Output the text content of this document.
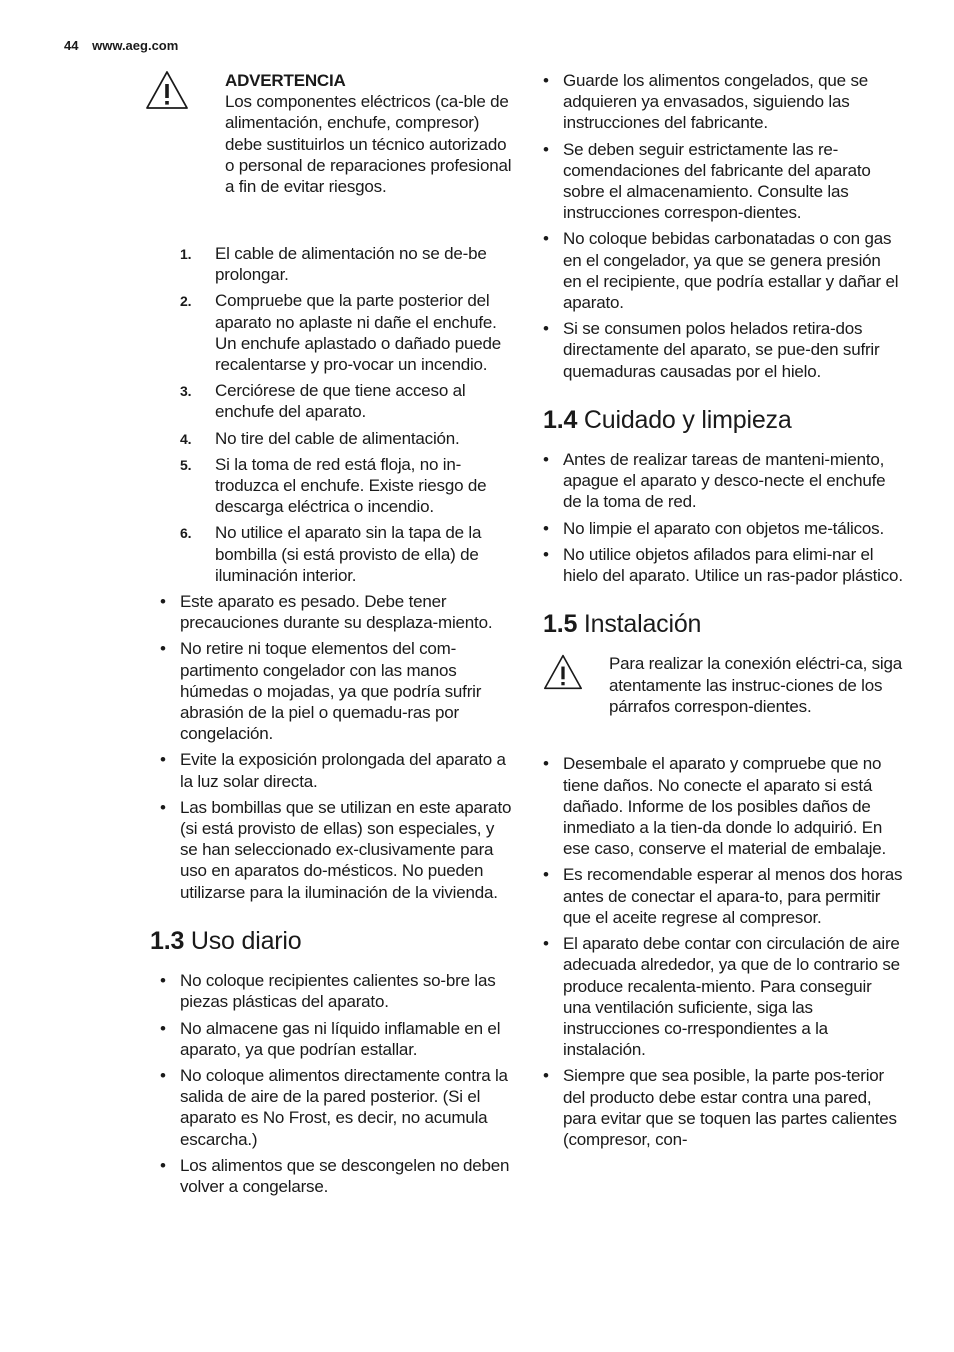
44 www.aeg.com
ADVERTENCIA
Los componentes eléctricos (ca-ble de alimentación, enchufe, compresor) debe sustituirlos un técnico autorizado o personal de reparaciones profesional a fin de evitar riesgos.
1. El cable de alimentación no se de-be prolongar.
2. Compruebe que la parte posterior del aparato no aplaste ni dañe el enchufe. Un enchufe aplastado o dañado puede recalentarse y pro-vocar un incendio.
3. Cerciórese de que tiene acceso al enchufe del aparato.
4. No tire del cable de alimentación.
5. Si la toma de red está floja, no in-troduzca el enchufe. Existe riesgo de descarga eléctrica o incendio.
6. No utilice el aparato sin la tapa de la bombilla (si está provisto de ella) de iluminación interior.
• Este aparato es pesado. Debe tener precauciones durante su desplaza-miento.
• No retire ni toque elementos del com-partimento congelador con las manos húmedas o mojadas, ya que podría sufrir abrasión de la piel o quemadu-ras por congelación.
• Evite la exposición prolongada del aparato a la luz solar directa.
• Las bombillas que se utilizan en este aparato (si está provisto de ellas) son especiales, y se han seleccionado ex-clusivamente para uso en aparatos do-mésticos. No pueden utilizarse para la iluminación de la vivienda.
1.3 Uso diario
• No coloque recipientes calientes so-bre las piezas plásticas del aparato.
• No almacene gas ni líquido inflamable en el aparato, ya que podrían estallar.
• No coloque alimentos directamente contra la salida de aire de la pared posterior. (Si el aparato es No Frost, es decir, no acumula escarcha.)
• Los alimentos que se descongelen no deben volver a congelarse.
• Guarde los alimentos congelados, que se adquieren ya envasados, siguiendo las instrucciones del fabricante.
• Se deben seguir estrictamente las re-comendaciones del fabricante del aparato sobre el almacenamiento. Consulte las instrucciones correspon-dientes.
• No coloque bebidas carbonatadas o con gas en el congelador, ya que se genera presión en el recipiente, que podría estallar y dañar el aparato.
• Si se consumen polos helados retira-dos directamente del aparato, se pue-den sufrir quemaduras causadas por el hielo.
1.4 Cuidado y limpieza
• Antes de realizar tareas de manteni-miento, apague el aparato y desco-necte el enchufe de la toma de red.
• No limpie el aparato con objetos me-tálicos.
• No utilice objetos afilados para elimi-nar el hielo del aparato. Utilice un ras-pador plástico.
1.5 Instalación
Para realizar la conexión eléctri-ca, siga atentamente las instruc-ciones de los párrafos correspon-dientes.
• Desembale el aparato y compruebe que no tiene daños. No conecte el aparato si está dañado. Informe de los posibles daños de inmediato a la tien-da donde lo adquirió. En ese caso, conserve el material de embalaje.
• Es recomendable esperar al menos dos horas antes de conectar el apara-to, para permitir que el aceite regrese al compresor.
• El aparato debe contar con circulación de aire adecuada alrededor, ya que de lo contrario se produce recalenta-miento. Para conseguir una ventilación suficiente, siga las instrucciones co-rrespondientes a la instalación.
• Siempre que sea posible, la parte pos-terior del producto debe estar contra una pared, para evitar que se toquen las partes calientes (compresor, con-
